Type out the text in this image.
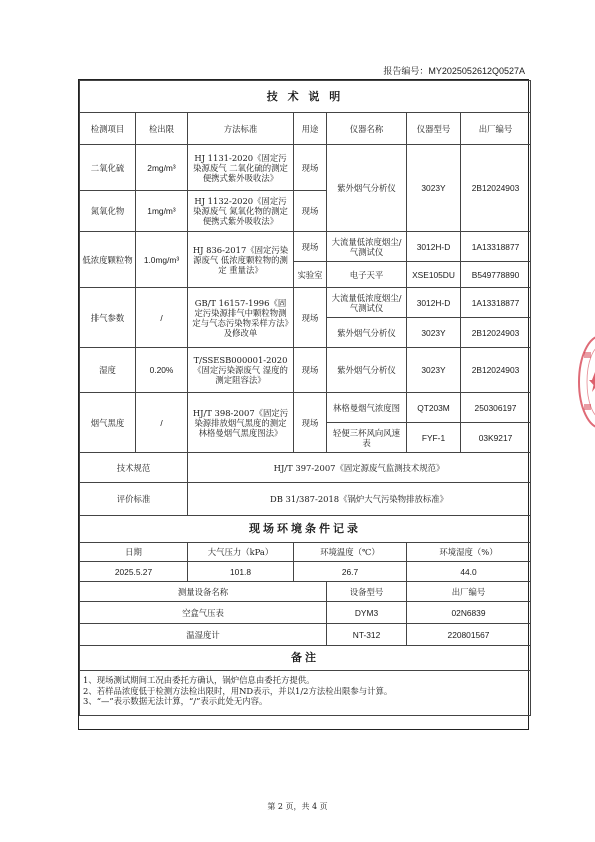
报告编号：MY2025052612Q0527A
技 术 说 明						
检测项目	检出限	方法标准	用途	仪器名称	仪器型号	出厂编号
二氧化硫	2mg/m³	HJ 1131-2020《固定污染源废气 二氧化硫的测定 便携式紫外吸收法》	现场	紫外烟气分析仪	3023Y	2B12024903
氮氧化物	1mg/m³	HJ 1132-2020《固定污染源废气 氮氧化物的测定 便携式紫外吸收法》	现场			
低浓度颗粒物	1.0mg/m³	HJ 836-2017《固定污染源废气 低浓度颗粒物的测定 重量法》	现场	大流量低浓度烟尘/气测试仪	3012H-D	1A13318877
			实验室	电子天平	XSE105DU	B549778890
排气参数	/	GB/T 16157-1996《固定污染源排气中颗粒物测定与气态污染物采样方法》及修改单	现场	大流量低浓度烟尘/气测试仪	3012H-D	1A13318877
				紫外烟气分析仪	3023Y	2B12024903
湿度	0.20%	T/SSESB000001-2020《固定污染源废气 湿度的测定阻容法》	现场	紫外烟气分析仪	3023Y	2B12024903
烟气黑度	/	HJ/T 398-2007《固定污染源排放烟气黑度的测定 林格曼烟气黑度图法》	现场	林格曼烟气浓度图	QT203M	250306197
				轻便三杯风向风速表	FYF-1	03K9217
技术规范		HJ/T 397-2007《固定源废气监测技术规范》				
评价标准		DB 31/387-2018《锅炉大气污染物排放标准》				
现场环境条件记录						
日期		大气压力（kPa）	环境温度（℃）		环境湿度（%）	
2025.5.27		101.8	26.7		44.0	
测量设备名称				设备型号	出厂编号	
空盒气压表				DYM3	02N6839	
温湿度计				NT-312	220801567	
备注						

1、现场测试期间工况由委托方确认，锅炉信息由委托方提供。
2、若样品浓度低于检测方法检出限时，用ND表示，并以1/2方法检出限参与计算。
3、“—”表示数据无法计算，“/”表示此处无内容。						
第 2 页，共 4 页
